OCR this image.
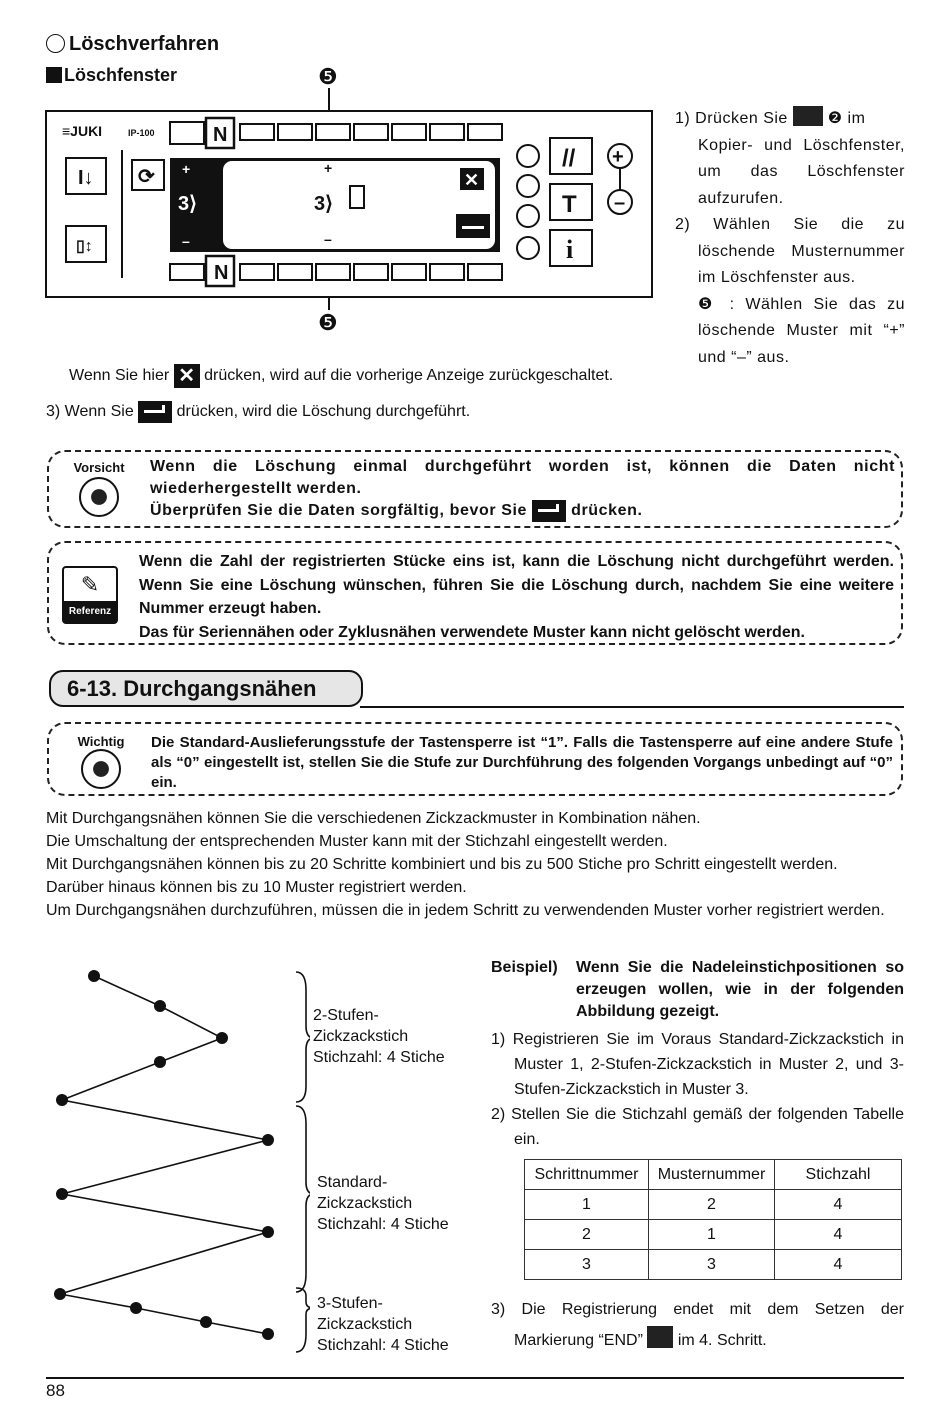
Löschverfahren
Löschfenster	❺
❺
≡JUKI	IP-100	N
N
I↓
▯↕
⟳ +
–
3⟩
+
–
3⟩
✕
//
T
i
+
–
1) Drücken Sie ❷ im
Kopier- und Löschfenster, um das Löschfenster aufzurufen.
2) Wählen Sie die zu löschende Musternummer im Löschfenster aus.
❺ : Wählen Sie das zu löschende Muster mit “+” und “–” aus.
Wenn Sie hier ✕ drücken, wird auf die vorherige Anzeige zurückgeschaltet.
3) Wenn Sie	drücken, wird die Löschung durchgeführt.
Vorsicht	Wenn die Löschung einmal durchgeführt worden ist, können die Daten nicht wiederhergestellt werden.
Überprüfen Sie die Daten sorgfältig, bevor Sie	drücken.
✎
Referenz
Wenn die Zahl der registrierten Stücke eins ist, kann die Löschung nicht durchgeführt werden. Wenn Sie eine Löschung wünschen, führen Sie die Löschung durch, nachdem Sie eine weitere Nummer erzeugt haben.
Das für Seriennähen oder Zyklusnähen verwendete Muster kann nicht gelöscht werden.
6-13. Durchgangsnähen
Wichtig	Die Standard-Auslieferungsstufe der Tastensperre ist “1”. Falls die Tastensperre auf eine andere Stufe als “0” eingestellt ist, stellen Sie die Stufe zur Durchführung des folgenden Vorgangs unbedingt auf “0” ein.
Mit Durchgangsnähen können Sie die verschiedenen Zickzackmuster in Kombination nähen.
Die Umschaltung der entsprechenden Muster kann mit der Stichzahl eingestellt werden.
Mit Durchgangsnähen können bis zu 20 Schritte kombiniert und bis zu 500 Stiche pro Schritt eingestellt werden.
Darüber hinaus können bis zu 10 Muster registriert werden.
Um Durchgangsnähen durchzuführen, müssen die in jedem Schritt zu verwendenden Muster vorher registriert werden.
2-Stufen-
Zickzackstich
Stichzahl: 4 Stiche
Standard-
Zickzackstich
Stichzahl: 4 Stiche
3-Stufen-
Zickzackstich
Stichzahl: 4 Stiche
Beispiel) Wenn Sie die Nadeleinstichpositionen so erzeugen wollen, wie in der folgenden Abbildung gezeigt.
1) Registrieren Sie im Voraus Standard-Zickzackstich in Muster 1, 2-Stufen-Zickzackstich in Muster 2, und 3-Stufen-Zickzackstich in Muster 3.
2) Stellen Sie die Stichzahl gemäß der folgenden Tabelle ein.
Schrittnummer	Musternummer	Stichzahl
1	2	4
2	1	4
3	3	4
3) Die Registrierung endet mit dem Setzen der Markierung “END” im 4. Schritt.
88
